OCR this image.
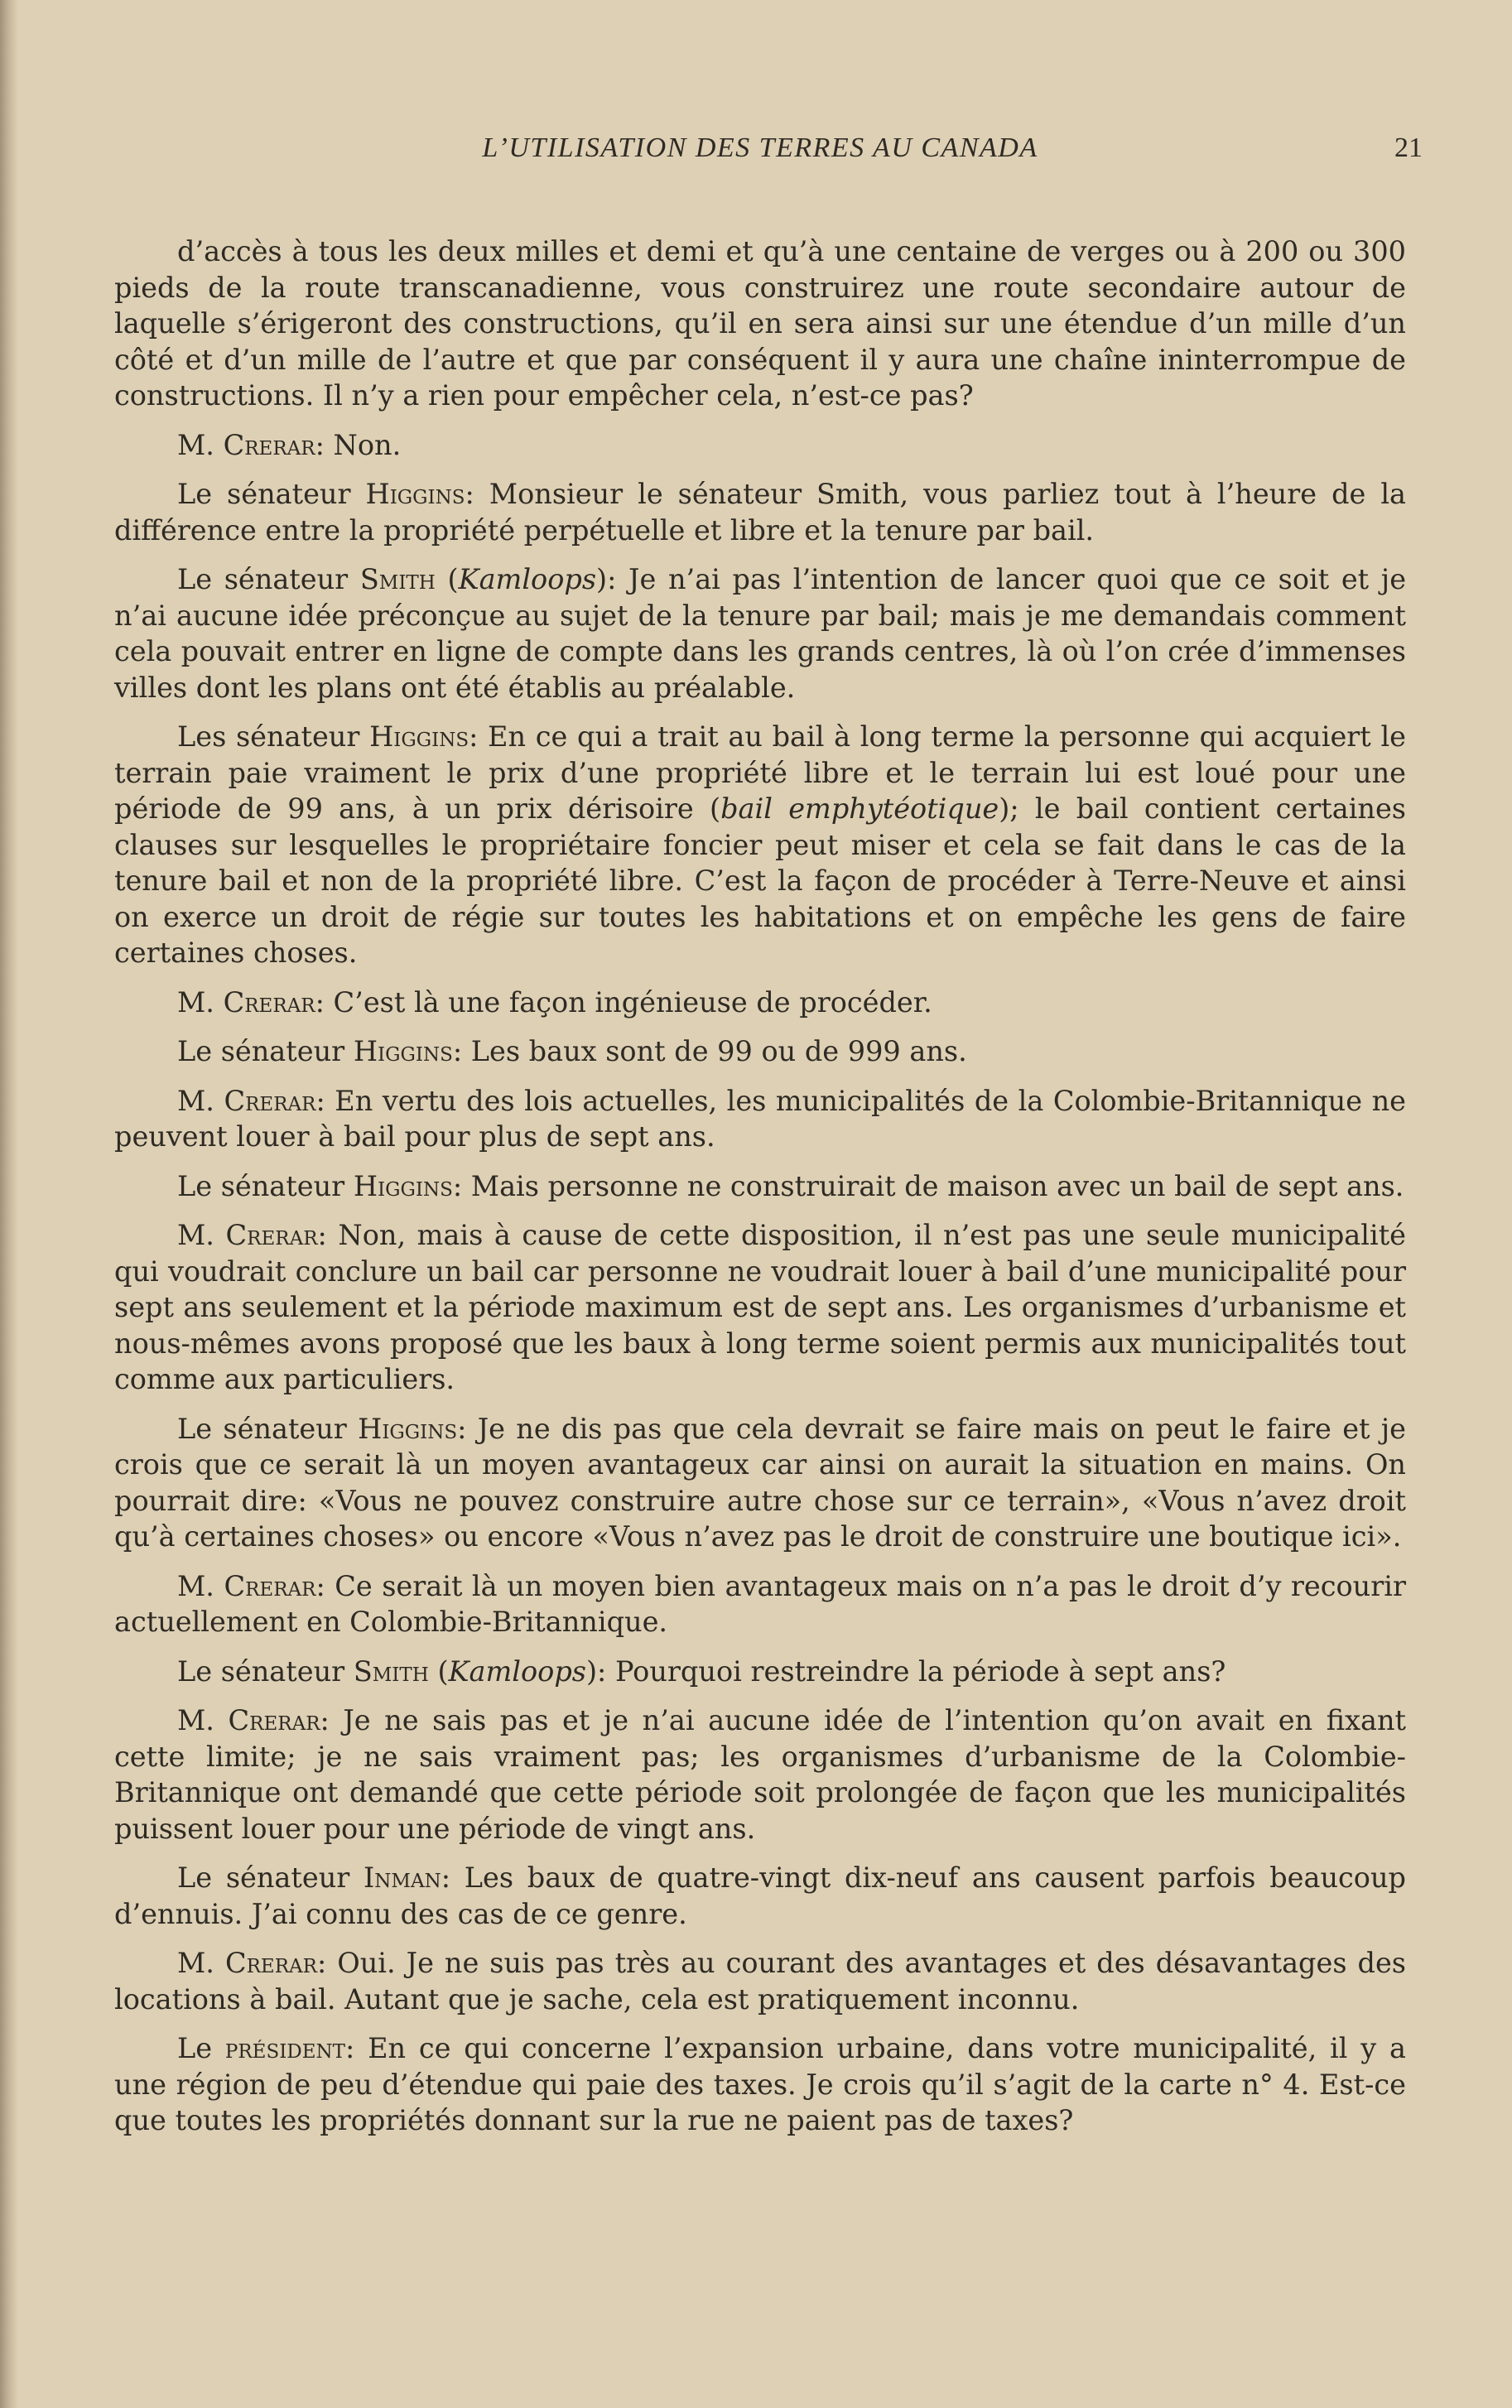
L’UTILISATION DES TERRES AU CANADA	21

d’accès à tous les deux milles et demi et qu’à une centaine de verges ou à 200 ou 300 pieds de la route transcanadienne, vous construirez une route secondaire autour de laquelle s’érigeront des constructions, qu’il en sera ainsi sur une étendue d’un mille d’un côté et d’un mille de l’autre et que par conséquent il y aura une chaîne ininterrompue de constructions. Il n’y a rien pour empêcher cela, n’est-ce pas?

M. Crerar: Non.

Le sénateur Higgins: Monsieur le sénateur Smith, vous parliez tout à l’heure de la différence entre la propriété perpétuelle et libre et la tenure par bail.

Le sénateur Smith (Kamloops): Je n’ai pas l’intention de lancer quoi que ce soit et je n’ai aucune idée préconçue au sujet de la tenure par bail; mais je me demandais comment cela pouvait entrer en ligne de compte dans les grands centres, là où l’on crée d’immenses villes dont les plans ont été établis au préalable.

Les sénateur Higgins: En ce qui a trait au bail à long terme la personne qui acquiert le terrain paie vraiment le prix d’une propriété libre et le terrain lui est loué pour une période de 99 ans, à un prix dérisoire (bail emphytéotique); le bail contient certaines clauses sur lesquelles le propriétaire foncier peut miser et cela se fait dans le cas de la tenure bail et non de la propriété libre. C’est la façon de procéder à Terre-Neuve et ainsi on exerce un droit de régie sur toutes les habitations et on empêche les gens de faire certaines choses.

M. Crerar: C’est là une façon ingénieuse de procéder.

Le sénateur Higgins: Les baux sont de 99 ou de 999 ans.

M. Crerar: En vertu des lois actuelles, les municipalités de la Colombie-Britannique ne peuvent louer à bail pour plus de sept ans.

Le sénateur Higgins: Mais personne ne construirait de maison avec un bail de sept ans.

M. Crerar: Non, mais à cause de cette disposition, il n’est pas une seule municipalité qui voudrait conclure un bail car personne ne voudrait louer à bail d’une municipalité pour sept ans seulement et la période maximum est de sept ans. Les organismes d’urbanisme et nous-mêmes avons proposé que les baux à long terme soient permis aux municipalités tout comme aux particuliers.

Le sénateur Higgins: Je ne dis pas que cela devrait se faire mais on peut le faire et je crois que ce serait là un moyen avantageux car ainsi on aurait la situation en mains. On pourrait dire: «Vous ne pouvez construire autre chose sur ce terrain», «Vous n’avez droit qu’à certaines choses» ou encore «Vous n’avez pas le droit de construire une boutique ici».

M. Crerar: Ce serait là un moyen bien avantageux mais on n’a pas le droit d’y recourir actuellement en Colombie-Britannique.

Le sénateur Smith (Kamloops): Pourquoi restreindre la période à sept ans?

M. Crerar: Je ne sais pas et je n’ai aucune idée de l’intention qu’on avait en fixant cette limite; je ne sais vraiment pas; les organismes d’urbanisme de la Colombie-Britannique ont demandé que cette période soit prolongée de façon que les municipalités puissent louer pour une période de vingt ans.

Le sénateur Inman: Les baux de quatre-vingt dix-neuf ans causent parfois beaucoup d’ennuis. J’ai connu des cas de ce genre.

M. Crerar: Oui. Je ne suis pas très au courant des avantages et des désavantages des locations à bail. Autant que je sache, cela est pratiquement inconnu.

Le président: En ce qui concerne l’expansion urbaine, dans votre municipalité, il y a une région de peu d’étendue qui paie des taxes. Je crois qu’il s’agit de la carte n° 4. Est-ce que toutes les propriétés donnant sur la rue ne paient pas de taxes?
